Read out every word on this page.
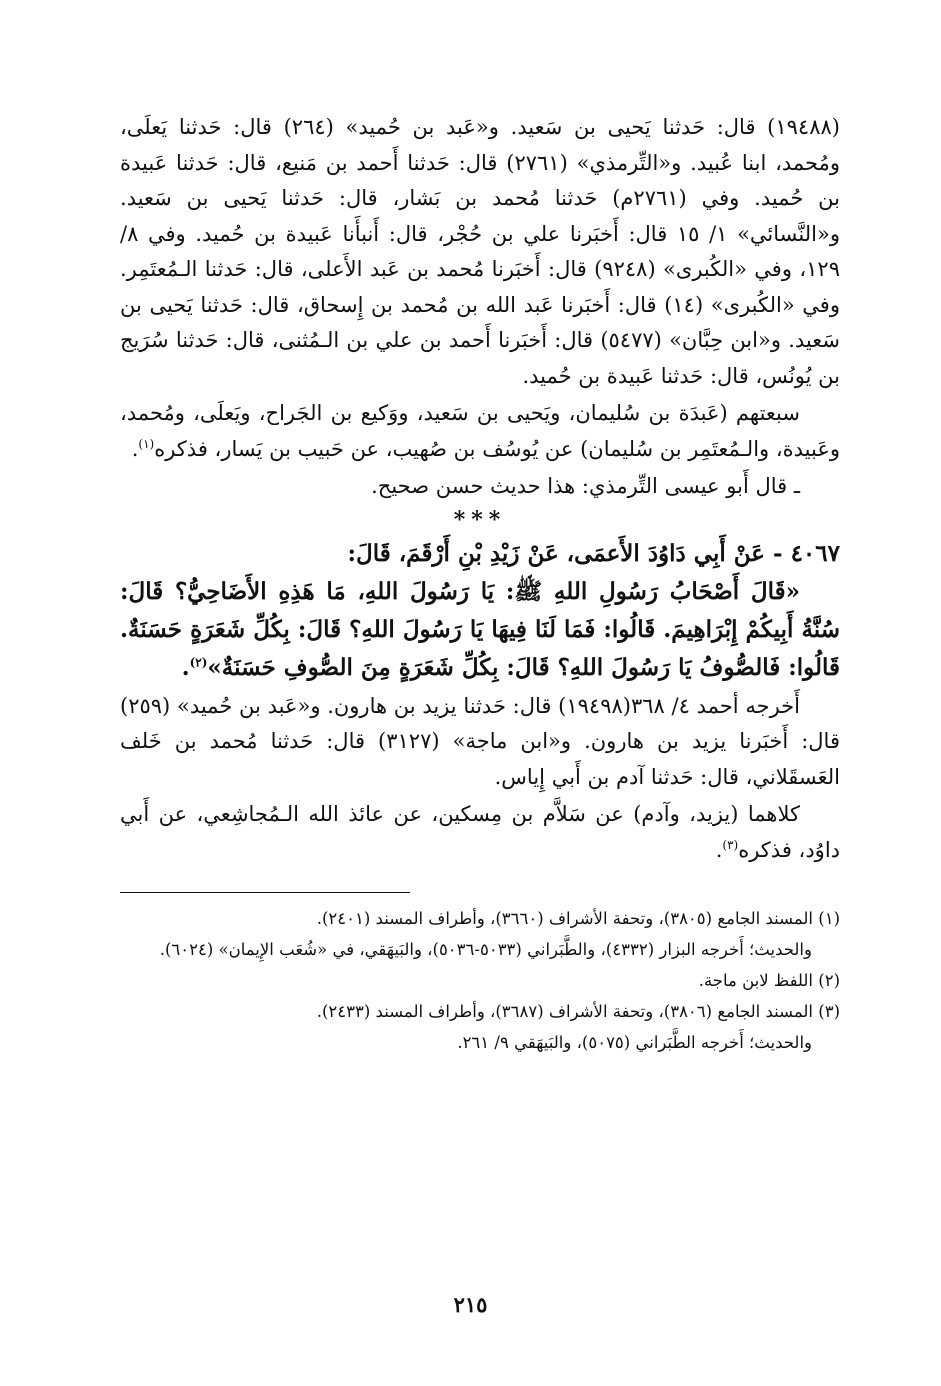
(١٩٤٨٨) قال: حَدثنا يَحيى بن سَعيد. و«عَبد بن حُميد» (٢٦٤) قال: حَدثنا يَعلَى، ومُحمد، ابنا عُبيد. و«التِّرمذي» (٢٧٦١) قال: حَدثنا أَحمد بن مَنيع، قال: حَدثنا عَبيدة بن حُميد. وفي (٢٧٦١م) حَدثنا مُحمد بن بَشار، قال: حَدثنا يَحيى بن سَعيد. و«النَّسائي» ١/ ١٥ قال: أَخبَرنا علي بن حُجْر، قال: أَنبأَنا عَبيدة بن حُميد. وفي ٨/ ١٢٩، وفي «الكُبرى» (٩٢٤٨) قال: أَخبَرنا مُحمد بن عَبد الأَعلى، قال: حَدثنا الـمُعتَمِر. وفي «الكُبرى» (١٤) قال: أَخبَرنا عَبد الله بن مُحمد بن إِسحاق، قال: حَدثنا يَحيى بن سَعيد. و«ابن حِبَّان» (٥٤٧٧) قال: أَخبَرنا أَحمد بن علي بن الـمُثنى، قال: حَدثنا سُرَيج بن يُونُس، قال: حَدثنا عَبيدة بن حُميد.

سبعتهم (عَبدَة بن سُليمان، ويَحيى بن سَعيد، ووَكيع بن الجَراح، ويَعلَى، ومُحمد، وعَبيدة، والـمُعتَمِر بن سُليمان) عن يُوسُف بن صُهيب، عن حَبيب بن يَسار، فذكره$^{(١)}$.

ـ قال أَبو عيسى التِّرمذي: هذا حديث حسن صحيح.

***

٤٠٦٧ - عَنْ أَبِي دَاوُدَ الأَعمَى، عَنْ زَيْدِ بْنِ أَرْقَمَ، قَالَ:

«قَالَ أَصْحَابُ رَسُولِ اللهِ ﷺ: يَا رَسُولَ اللهِ، مَا هَذِهِ الأَضَاحِيُّ؟ قَالَ: سُنَّةُ أَبِيكُمْ إِبْرَاهِيمَ. قَالُوا: فَمَا لَنَا فِيهَا يَا رَسُولَ اللهِ؟ قَالَ: بِكُلِّ شَعَرَةٍ حَسَنَةٌ. قَالُوا: فَالصُّوفُ يَا رَسُولَ اللهِ؟ قَالَ: بِكُلِّ شَعَرَةٍ مِنَ الصُّوفِ حَسَنَةٌ»$^{(٢)}$.

أَخرجه أحمد ٤/ ٣٦٨(١٩٤٩٨) قال: حَدثنا يزيد بن هارون. و«عَبد بن حُميد» (٢٥٩) قال: أَخبَرنا يزيد بن هارون. و«ابن ماجة» (٣١٢٧) قال: حَدثنا مُحمد بن خَلف العَسقَلاني، قال: حَدثنا آدم بن أَبي إِياس.

كلاهما (يزيد، وآدم) عن سَلاَّم بن مِسكين، عن عائذ الله الـمُجاشِعي، عن أَبي داوُد، فذكره$^{(٣)}$.

(١) المسند الجامع (٣٨٠٥)، وتحفة الأشراف (٣٦٦٠)، وأطراف المسند (٢٤٠١).

والحديث؛ أَخرجه البزار (٤٣٣٢)، والطَّبَراني (٥٠٣٣-٥٠٣٦)، والبَيهَقي، في «شُعَب الإِيمان» (٦٠٢٤).

(٢) اللفظ لابن ماجة.

(٣) المسند الجامع (٣٨٠٦)، وتحفة الأشراف (٣٦٨٧)، وأطراف المسند (٢٤٣٣).

والحديث؛ أَخرجه الطَّبَراني (٥٠٧٥)، والبَيهَقي ٩/ ٢٦١.

٢١٥
